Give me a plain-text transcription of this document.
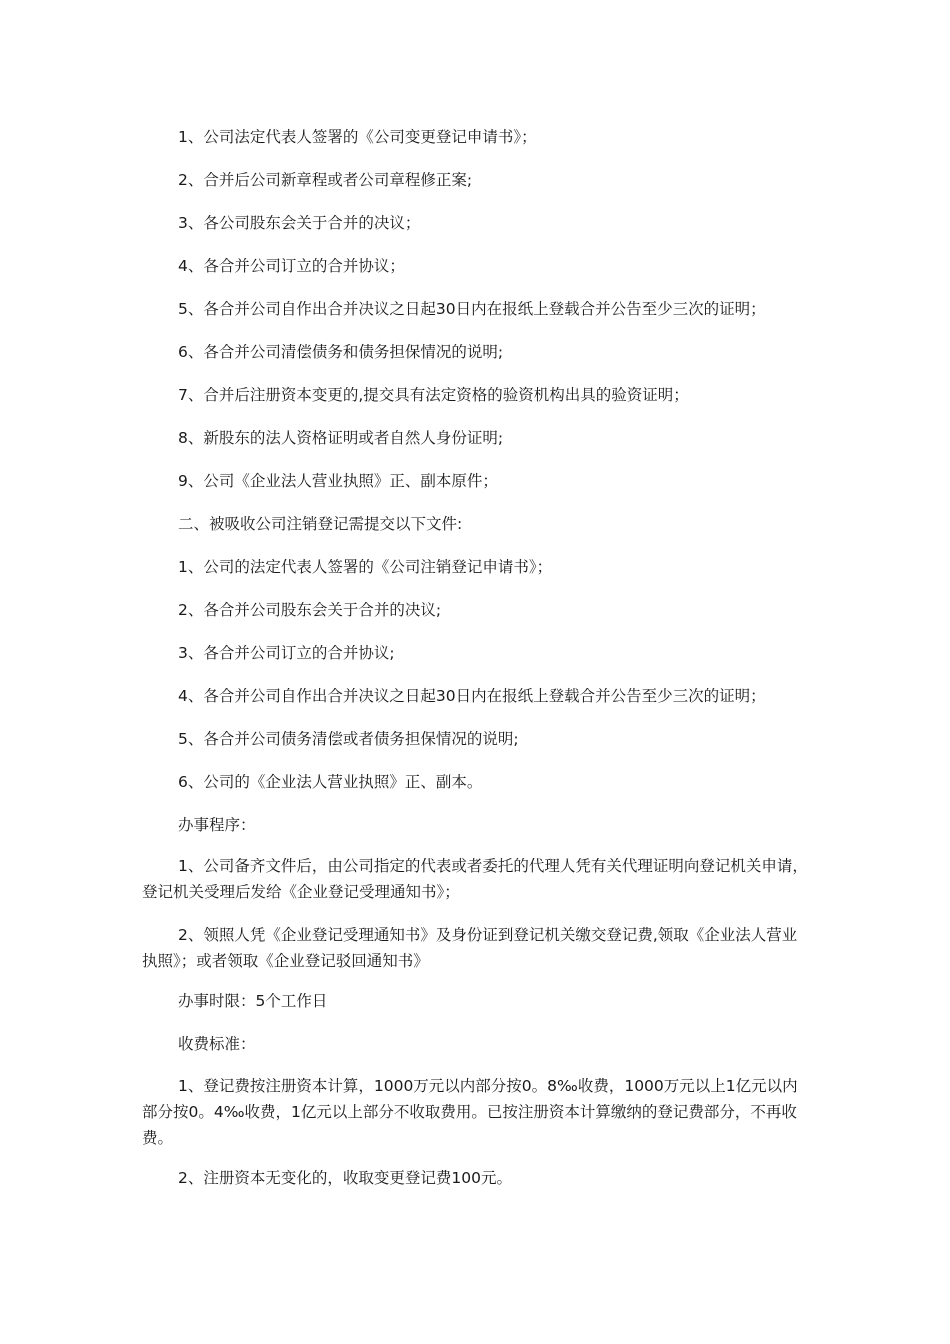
1、公司法定代表人签署的《公司变更登记申请书》；

2、合并后公司新章程或者公司章程修正案;

3、各公司股东会关于合并的决议；

4、各合并公司订立的合并协议；

5、各合并公司自作出合并决议之日起30日内在报纸上登载合并公告至少三次的证明；

6、各合并公司清偿债务和债务担保情况的说明;

7、合并后注册资本变更的,提交具有法定资格的验资机构出具的验资证明；

8、新股东的法人资格证明或者自然人身份证明;

9、公司《企业法人营业执照》正、副本原件；

二、被吸收公司注销登记需提交以下文件:

1、公司的法定代表人签署的《公司注销登记申请书》；

2、各合并公司股东会关于合并的决议;

3、各合并公司订立的合并协议;

4、各合并公司自作出合并决议之日起30日内在报纸上登载合并公告至少三次的证明；

5、各合并公司债务清偿或者债务担保情况的说明;

6、公司的《企业法人营业执照》正、副本。

办事程序：

1、公司备齐文件后，由公司指定的代表或者委托的代理人凭有关代理证明向登记机关申请，登记机关受理后发给《企业登记受理通知书》；

2、领照人凭《企业登记受理通知书》及身份证到登记机关缴交登记费,领取《企业法人营业执照》；或者领取《企业登记驳回通知书》

办事时限：5个工作日

收费标准：

1、登记费按注册资本计算，1000万元以内部分按0。8‰收费，1000万元以上1亿元以内部分按0。4‰收费，1亿元以上部分不收取费用。已按注册资本计算缴纳的登记费部分，不再收费。

2、注册资本无变化的，收取变更登记费100元。
